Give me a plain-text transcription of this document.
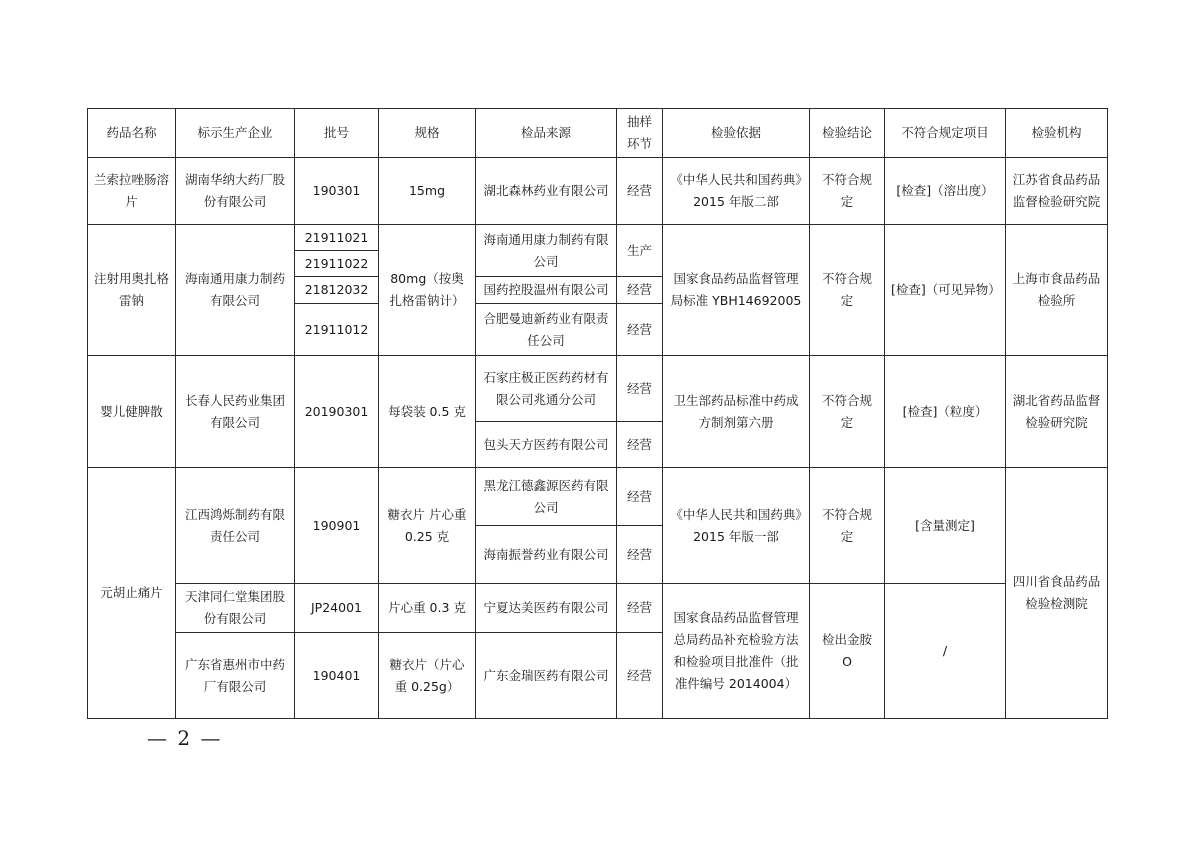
药品名称	标示生产企业	批号	规格	检品来源	抽样环节	检验依据	检验结论	不符合规定项目	检验机构
兰索拉唑肠溶片	湖南华纳大药厂股份有限公司	190301	15mg	湖北森林药业有限公司	经营	《中华人民共和国药典》2015 年版二部	不符合规定	[检查]（溶出度）	江苏省食品药品监督检验研究院
注射用奥扎格雷钠	海南通用康力制药有限公司	21911021	80mg（按奥扎格雷钠计）	海南通用康力制药有限公司	生产	国家食品药品监督管理局标准 YBH14692005	不符合规定	[检查]（可见异物）	上海市食品药品检验所
		21911022							
		21812032		国药控股温州有限公司	经营				

		21911012		合肥曼迪新药业有限责任公司	经营				
婴儿健脾散	长春人民药业集团有限公司	20190301	每袋装 0.5 克	石家庄极正医药药材有限公司兆通分公司	经营	卫生部药品标准中药成方制剂第六册	不符合规定	[检查]（粒度）	湖北省药品监督检验研究院
				包头天方医药有限公司	经营				
元胡止痛片	江西鸿烁制药有限责任公司	190901	糖衣片 片心重 0.25 克	黑龙江德鑫源医药有限公司	经营	《中华人民共和国药典》2015 年版一部	不符合规定	[含量测定]	四川省食品药品检验检测院
				海南振誉药业有限公司	经营				
	天津同仁堂集团股份有限公司	JP24001	片心重 0.3 克	宁夏达美医药有限公司	经营	国家食品药品监督管理总局药品补充检验方法和检验项目批准件（批准件编号 2014004）	检出金胺 O	/	
	广东省惠州市中药厂有限公司	190401	糖衣片（片心重 0.25g）	广东金瑞医药有限公司	经营				
— 2 —
